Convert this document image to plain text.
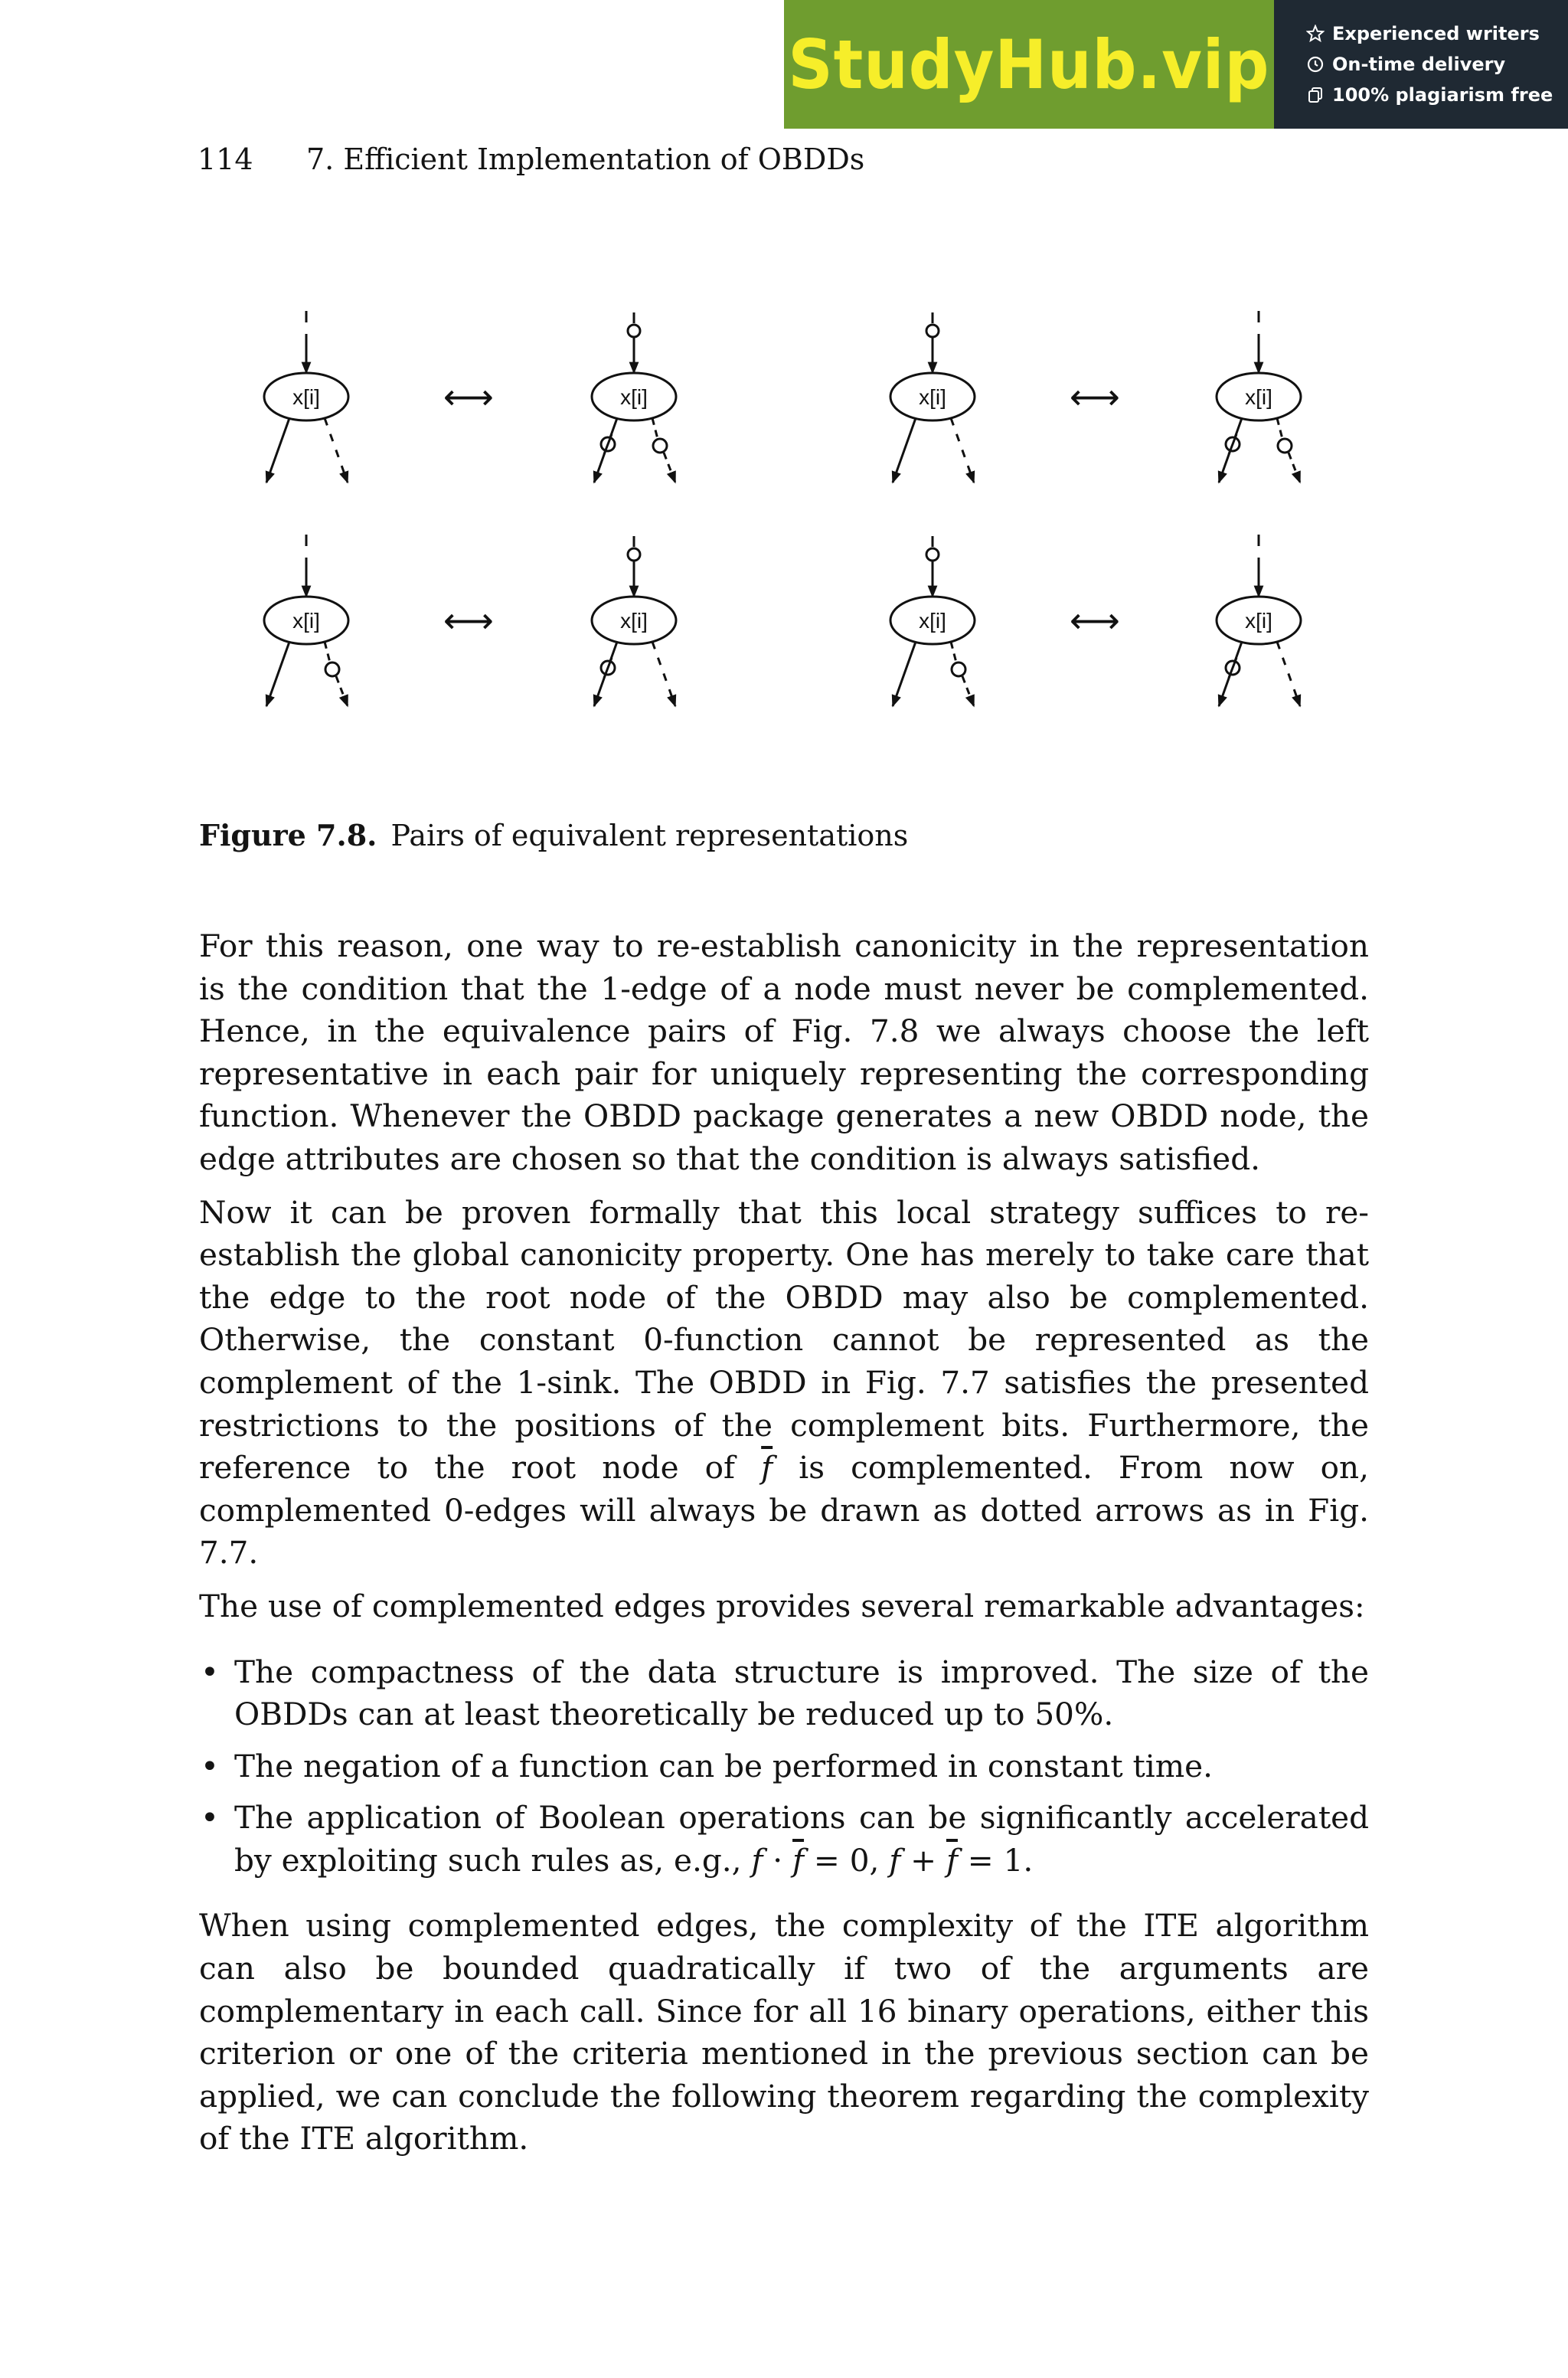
StudyHub.vip	Experienced writers
On-time delivery
100% plagiarism free
114 7. Efficient Implementation of OBDDs
x[i]	x[i]	x[i]	x[i]
x[i]	x[i]	x[i]	x[i]
⟷	⟷
⟷	⟷
Figure 7.8. Pairs of equivalent representations

For this reason, one way to re-establish canonicity in the representation is the condition that the 1-edge of a node must never be complemented. Hence, in the equivalence pairs of Fig. 7.8 we always choose the left representative in each pair for uniquely representing the corresponding function. Whenever the OBDD package generates a new OBDD node, the edge attributes are chosen so that the condition is always satisfied.

Now it can be proven formally that this local strategy suffices to re-establish the global canonicity property. One has merely to take care that the edge to the root node of the OBDD may also be complemented. Otherwise, the constant 0-function cannot be represented as the complement of the 1-sink. The OBDD in Fig. 7.7 satisfies the presented restrictions to the positions of the complement bits. Furthermore, the reference to the root node of $\overline{f}$ is complemented. From now on, complemented 0-edges will always be drawn as dotted arrows as in Fig. 7.7.

The use of complemented edges provides several remarkable advantages:

• The compactness of the data structure is improved. The size of the OBDDs can at least theoretically be reduced up to 50%.
• The negation of a function can be performed in constant time.
• The application of Boolean operations can be significantly accelerated by exploiting such rules as, e.g., $f \cdot \overline{f} = 0$, $f + \overline{f} = 1$.

When using complemented edges, the complexity of the ITE algorithm can also be bounded quadratically if two of the arguments are complementary in each call. Since for all 16 binary operations, either this criterion or one of the criteria mentioned in the previous section can be applied, we can conclude the following theorem regarding the complexity of the ITE algorithm.
